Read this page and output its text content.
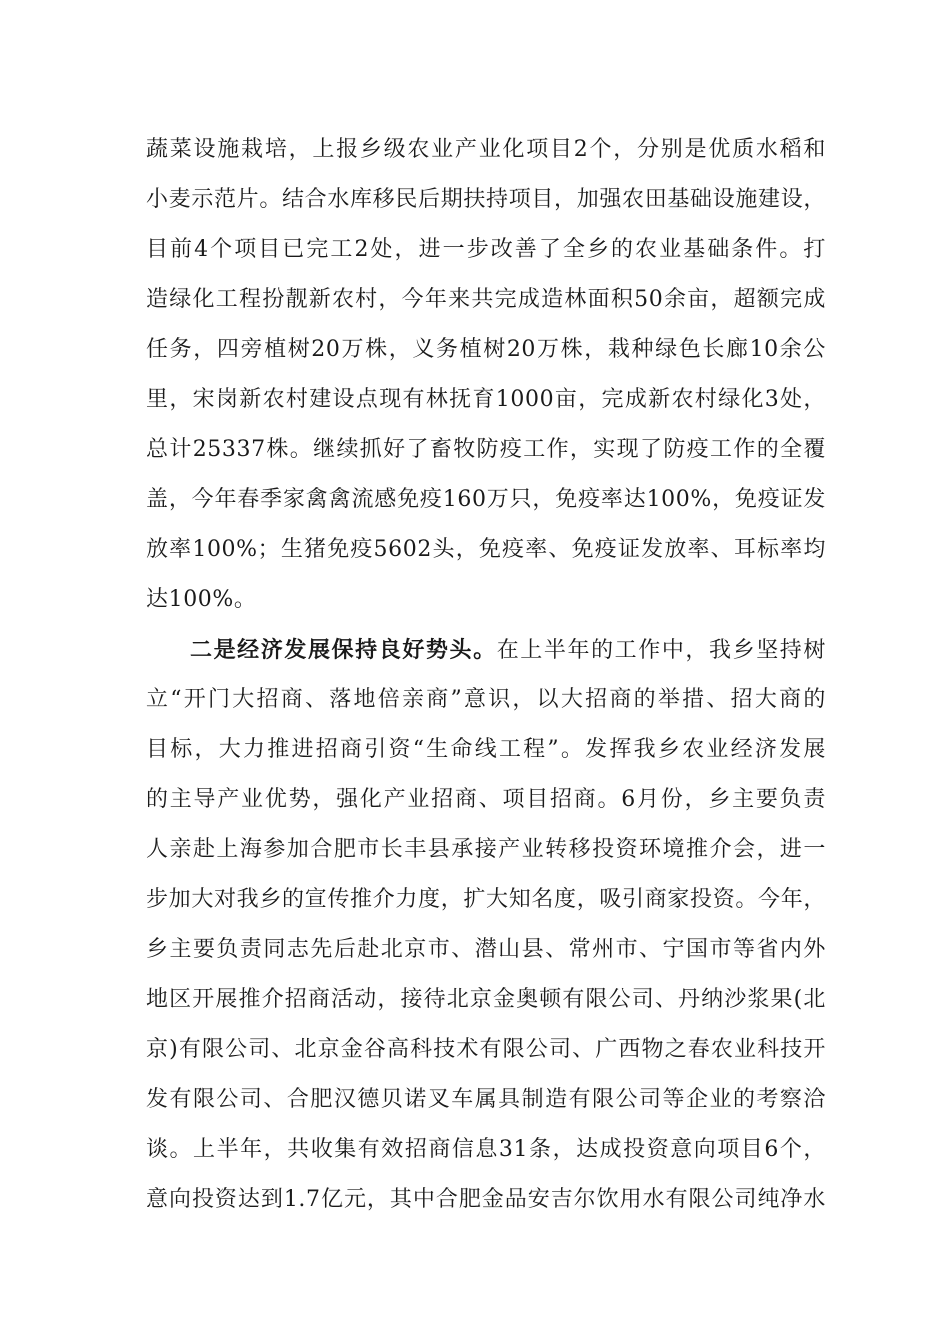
蔬菜设施栽培，上报乡级农业产业化项目2个，分别是优质水稻和
小麦示范片。结合水库移民后期扶持项目，加强农田基础设施建设，
目前4个项目已完工2处，进一步改善了全乡的农业基础条件。打
造绿化工程扮靓新农村，今年来共完成造林面积50余亩，超额完成
任务，四旁植树20万株，义务植树20万株，栽种绿色长廊10余公
里，宋岗新农村建设点现有林抚育1000亩，完成新农村绿化3处，
总计25337株。继续抓好了畜牧防疫工作，实现了防疫工作的全覆
盖，今年春季家禽禽流感免疫160万只，免疫率达100%，免疫证发
放率100%；生猪免疫5602头，免疫率、免疫证发放率、耳标率均
达100%。
二是经济发展保持良好势头。在上半年的工作中，我乡坚持树
立“开门大招商、落地倍亲商”意识，以大招商的举措、招大商的
目标，大力推进招商引资“生命线工程”。发挥我乡农业经济发展
的主导产业优势，强化产业招商、项目招商。6月份，乡主要负责
人亲赴上海参加合肥市长丰县承接产业转移投资环境推介会，进一
步加大对我乡的宣传推介力度，扩大知名度，吸引商家投资。今年，
乡主要负责同志先后赴北京市、潜山县、常州市、宁国市等省内外
地区开展推介招商活动，接待北京金奥顿有限公司、丹纳沙浆果(北
京)有限公司、北京金谷高科技术有限公司、广西物之春农业科技开
发有限公司、合肥汉德贝诺叉车属具制造有限公司等企业的考察洽
谈。上半年，共收集有效招商信息31条，达成投资意向项目6个，
意向投资达到1.7亿元，其中合肥金品安吉尔饮用水有限公司纯净水
